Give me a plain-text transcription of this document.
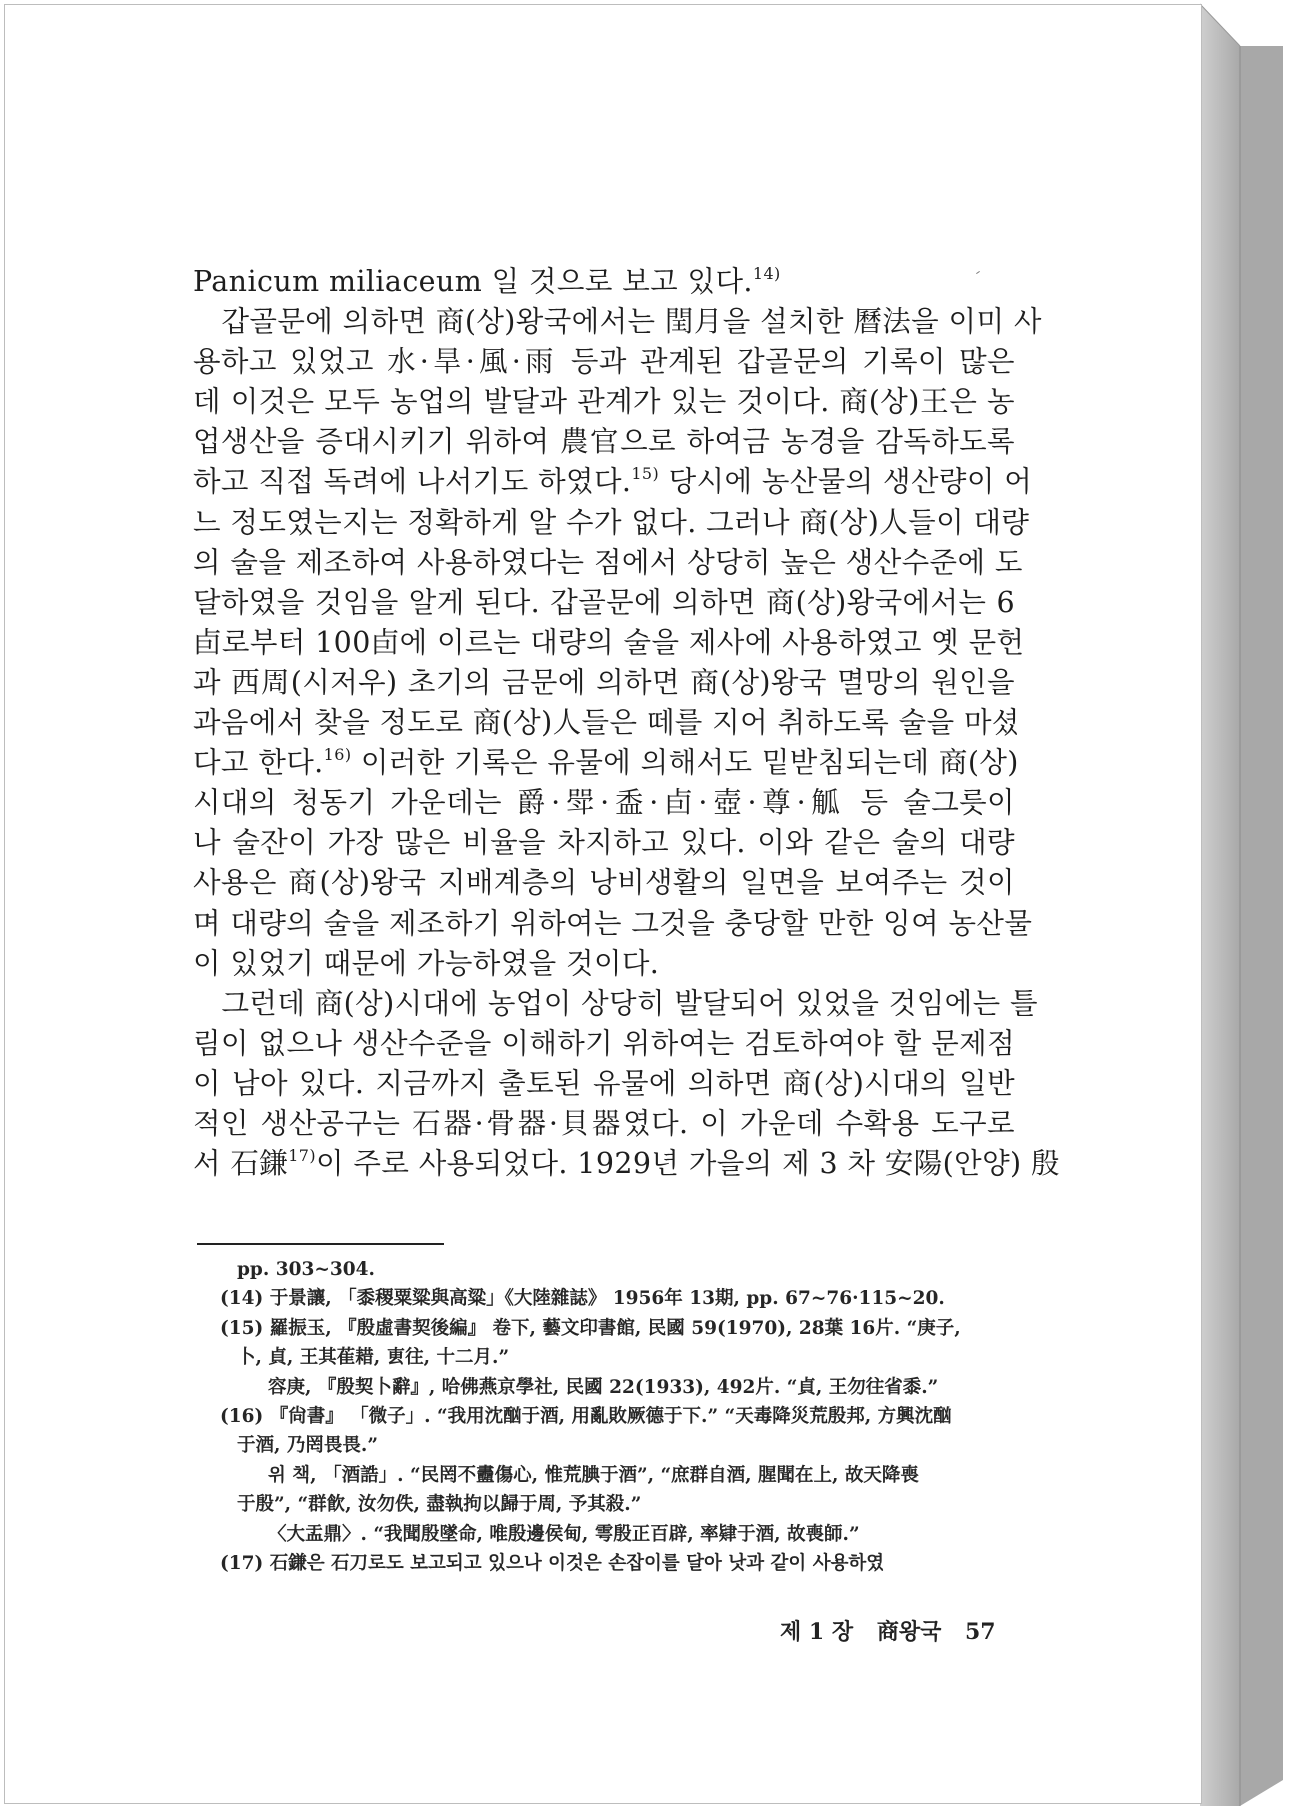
Panicum miliaceum 일 것으로 보고 있다.$^{14)}$
갑골문에 의하면 商(상)왕국에서는 閏月을 설치한 曆法을 이미 사
용하고 있었고 水·旱·風·雨 등과 관계된 갑골문의 기록이 많은
데 이것은 모두 농업의 발달과 관계가 있는 것이다. 商(상)王은 농
업생산을 증대시키기 위하여 農官으로 하여금 농경을 감독하도록
하고 직접 독려에 나서기도 하였다.$^{15)}$ 당시에 농산물의 생산량이 어
느 정도였는지는 정확하게 알 수가 없다. 그러나 商(상)人들이 대량
의 술을 제조하여 사용하였다는 점에서 상당히 높은 생산수준에 도
달하였을 것임을 알게 된다. 갑골문에 의하면 商(상)왕국에서는 6
卣로부터 100卣에 이르는 대량의 술을 제사에 사용하였고 옛 문헌
과 西周(시저우) 초기의 금문에 의하면 商(상)왕국 멸망의 원인을
과음에서 찾을 정도로 商(상)人들은 떼를 지어 취하도록 술을 마셨
다고 한다.$^{16)}$ 이러한 기록은 유물에 의해서도 밑받침되는데 商(상)
시대의 청동기 가운데는 爵·斝·盉·卣·壺·尊·觚 등 술그릇이
나 술잔이 가장 많은 비율을 차지하고 있다. 이와 같은 술의 대량
사용은 商(상)왕국 지배계층의 낭비생활의 일면을 보여주는 것이
며 대량의 술을 제조하기 위하여는 그것을 충당할 만한 잉여 농산물
이 있었기 때문에 가능하였을 것이다.
그런데 商(상)시대에 농업이 상당히 발달되어 있었을 것임에는 틀
림이 없으나 생산수준을 이해하기 위하여는 검토하여야 할 문제점
이 남아 있다. 지금까지 출토된 유물에 의하면 商(상)시대의 일반
적인 생산공구는 石器·骨器·貝器였다. 이 가운데 수확용 도구로
서 石鎌$^{17)}$이 주로 사용되었다. 1929년 가을의 제 3 차 安陽(안양) 殷
pp. 303~304.
(14) 于景讓, 「黍稷粟粱與高粱」《大陸雜誌》 1956年 13期, pp. 67~76·115~20.
(15) 羅振玉, 『殷虛書契後編』 卷下, 藝文印書館, 民國 59(1970), 28葉 16片. “庚子,
卜, 貞, 王其萑耤, 叀往, 十二月.”
容庚, 『殷契卜辭』, 哈佛燕京學社, 民國 22(1933), 492片. “貞, 王勿往省黍.”
(16) 『尙書』 「微子」. “我用沈酗于酒, 用亂敗厥德于下.” “天毒降災荒殷邦, 方興沈酗
于酒, 乃罔畏畏.”
위 책, 「酒誥」. “民罔不衋傷心, 惟荒腆于酒”, “庶群自酒, 腥聞在上, 故天降喪
于殷”, “群飮, 汝勿佚, 盡執拘以歸于周, 予其殺.”
〈大盂鼎〉. “我聞殷墜命, 唯殷邊侯甸, 雩殷正百辟, 率肄于酒, 故喪師.”
(17) 石鎌은 石刀로도 보고되고 있으나 이것은 손잡이를 달아 낫과 같이 사용하였
제 1 장 商왕국 57
